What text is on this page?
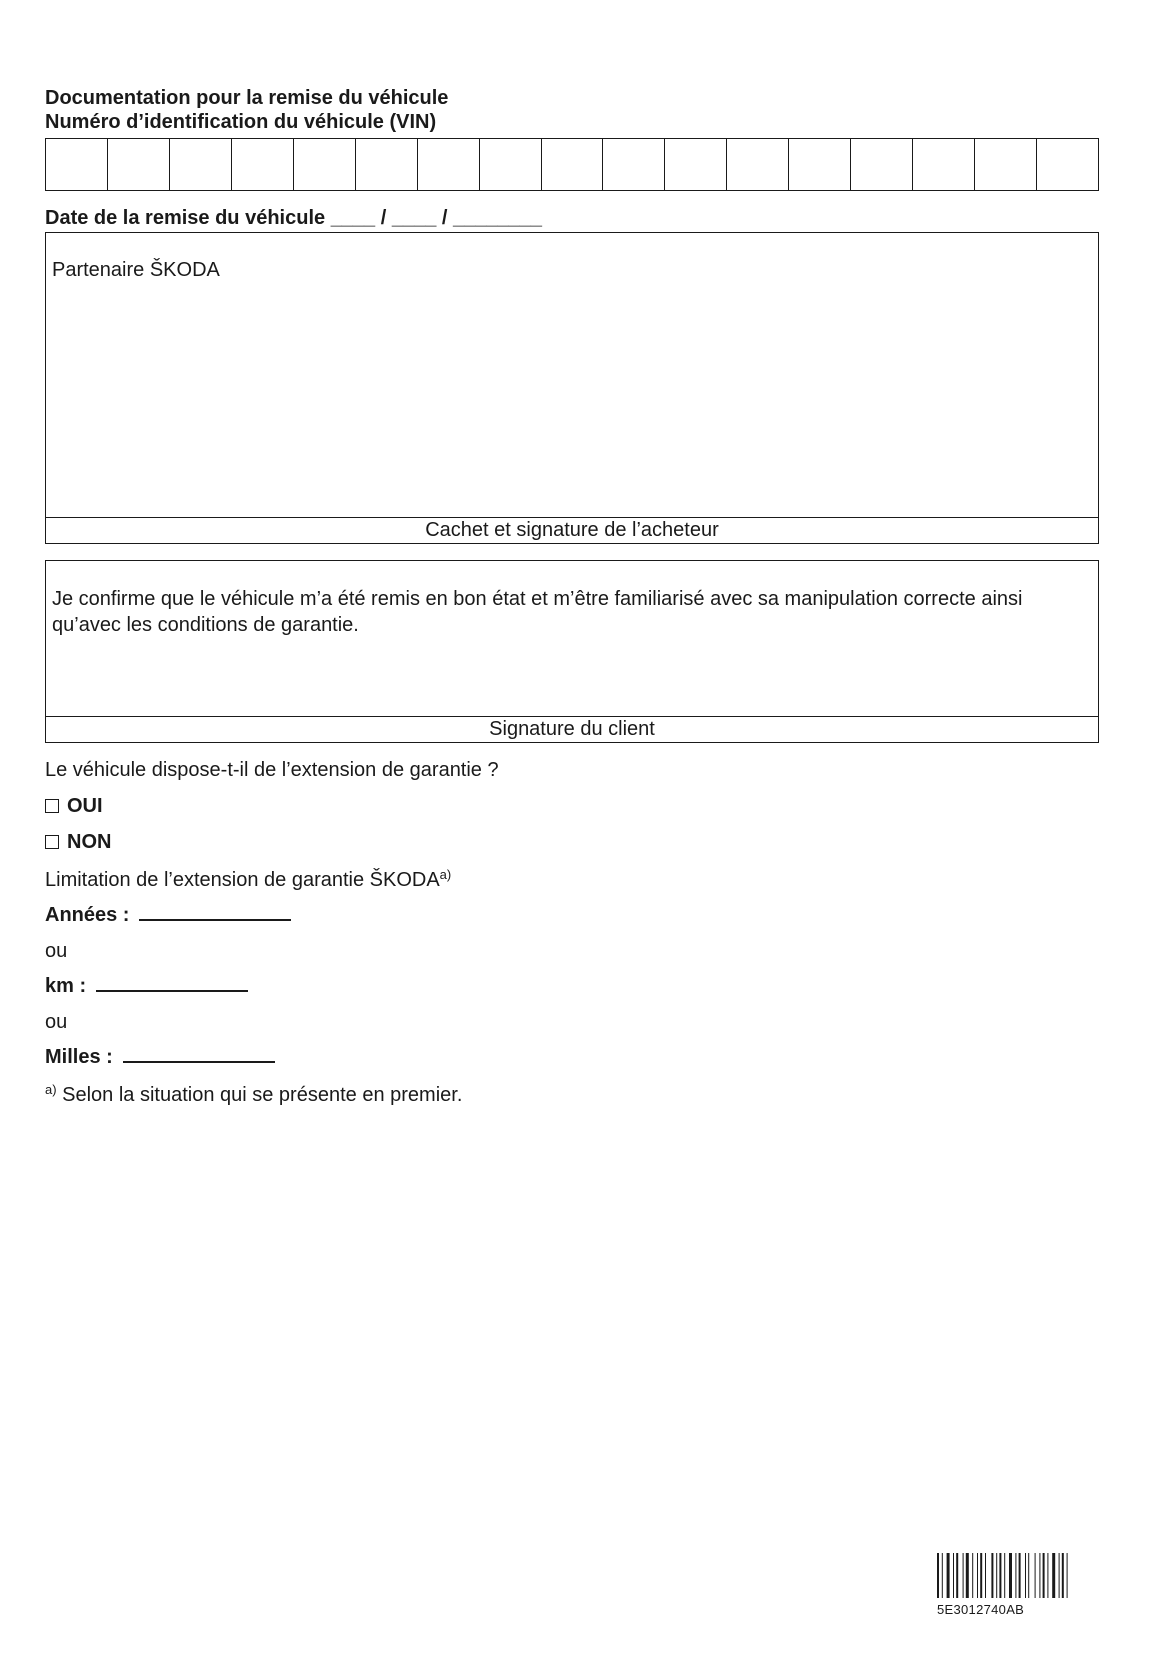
Documentation pour la remise du véhicule
Numéro d’identification du véhicule (VIN)
Date de la remise du véhicule ____ / ____ / ________
Partenaire ŠKODA
Cachet et signature de l’acheteur
Je confirme que le véhicule m’a été remis en bon état et m’être familiarisé avec sa manipulation correcte ainsi qu’avec les conditions de garantie.
Signature du client
Le véhicule dispose-t-il de l’extension de garantie ?
OUI
NON
Limitation de l’extension de garantie ŠKODA$^{a)}$
Années :
ou
km :
ou
Milles :
$^{a)}$ Selon la situation qui se présente en premier.
5E3012740AB
